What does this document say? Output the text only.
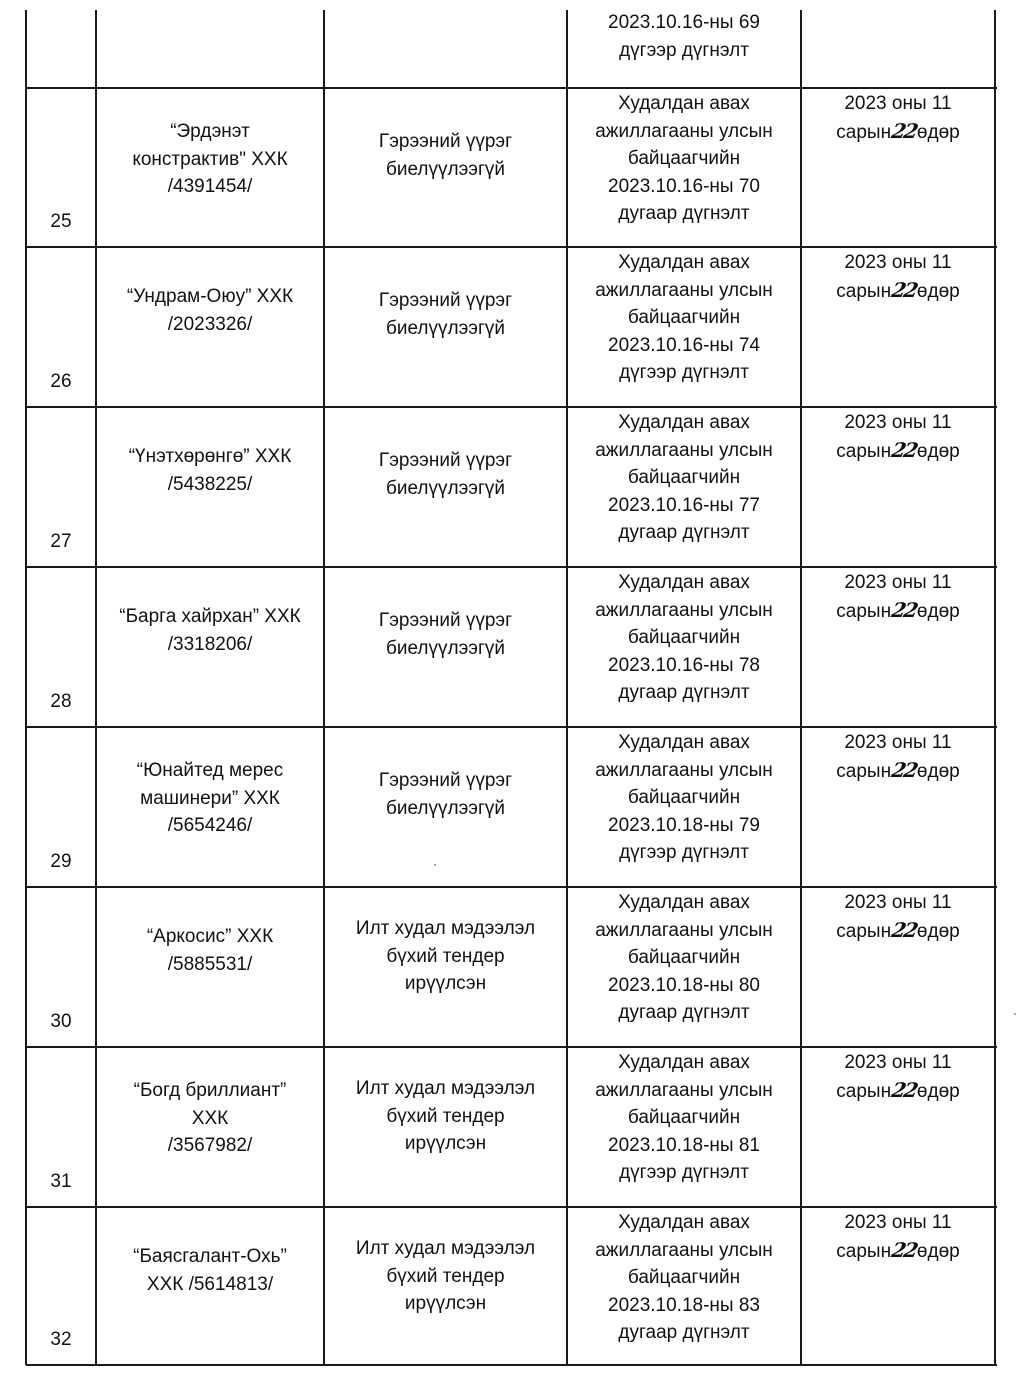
2023.10.16-ны 69
дүгээр дүгнэлт
25
“Эрдэнэт
констрактив" ХХК
/4391454/
Гэрээний үүрэг
биелүүлээгүй
Худалдан авах
ажиллагааны улсын
байцаагчийн
2023.10.16-ны 70
дугаар дүгнэлт
2023 оны 11
сарын22өдөр
26
“Ундрам-Оюу” ХХК
/2023326/
Гэрээний үүрэг
биелүүлээгүй
Худалдан авах
ажиллагааны улсын
байцаагчийн
2023.10.16-ны 74
дүгээр дүгнэлт
2023 оны 11
сарын22өдөр
27
“Үнэтхөрөнгө” ХХК
/5438225/
Гэрээний үүрэг
биелүүлээгүй
Худалдан авах
ажиллагааны улсын
байцаагчийн
2023.10.16-ны 77
дугаар дүгнэлт
2023 оны 11
сарын22өдөр
28
“Барга хайрхан” ХХК
/3318206/
Гэрээний үүрэг
биелүүлээгүй
Худалдан авах
ажиллагааны улсын
байцаагчийн
2023.10.16-ны 78
дугаар дүгнэлт
2023 оны 11
сарын22өдөр
29
“Юнайтед мерес
машинери” ХХК
/5654246/
Гэрээний үүрэг
биелүүлээгүй
Худалдан авах
ажиллагааны улсын
байцаагчийн
2023.10.18-ны 79
дүгээр дүгнэлт
2023 оны 11
сарын22өдөр
30
“Аркосис” ХХК
/5885531/
Илт худал мэдээлэл
бүхий тендер
ирүүлсэн
Худалдан авах
ажиллагааны улсын
байцаагчийн
2023.10.18-ны 80
дугаар дүгнэлт
2023 оны 11
сарын22өдөр
31
“Богд бриллиант”
ХХК
/3567982/
Илт худал мэдээлэл
бүхий тендер
ирүүлсэн
Худалдан авах
ажиллагааны улсын
байцаагчийн
2023.10.18-ны 81
дүгээр дүгнэлт
2023 оны 11
сарын22өдөр
32
“Баясгалант-Охь”
ХХК /5614813/
Илт худал мэдээлэл
бүхий тендер
ирүүлсэн
Худалдан авах
ажиллагааны улсын
байцаагчийн
2023.10.18-ны 83
дугаар дүгнэлт
2023 оны 11
сарын22өдөр
